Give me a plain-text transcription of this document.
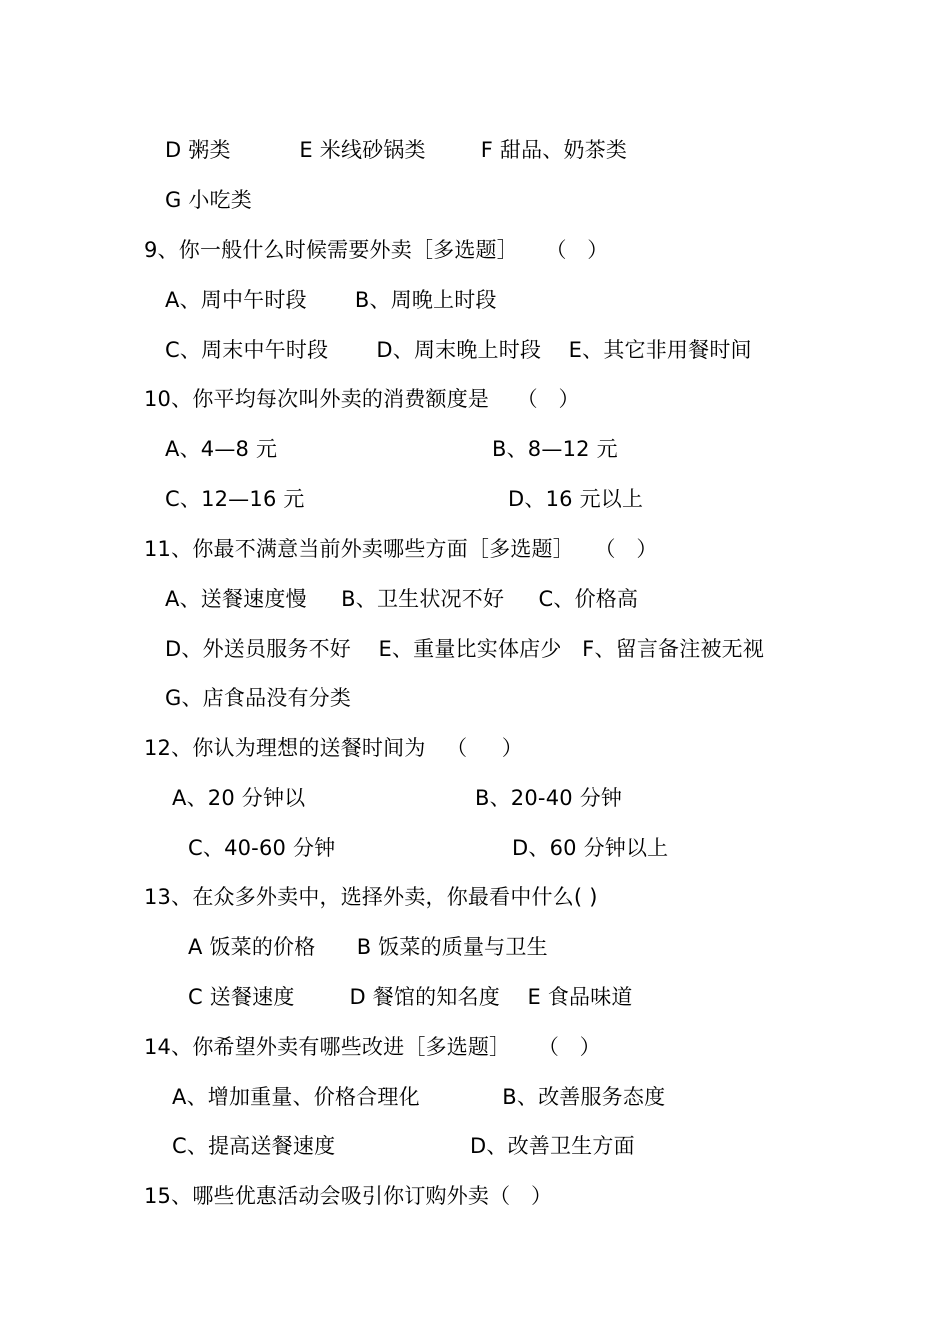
D 粥类          E 米线砂锅类        F 甜品、奶茶类
G 小吃类
9、你一般什么时候需要外卖［多选题］    （   ）
A、周中午时段       B、周晚上时段
C、周末中午时段       D、周末晚上时段    E、其它非用餐时间
10、你平均每次叫外卖的消费额度是    （   ）
A、4—8 元	B、8—12 元
C、12—16 元	D、16 元以上
11、你最不满意当前外卖哪些方面［多选题］   （   ）
A、送餐速度慢     B、卫生状况不好     C、价格高
D、外送员服务不好    E、重量比实体店少   F、留言备注被无视
G、店食品没有分类
12、你认为理想的送餐时间为   （     ）
A、20 分钟以	B、20-40 分钟
C、40-60 分钟	D、60 分钟以上
13、在众多外卖中，选择外卖，你最看中什么( )
A 饭菜的价格      B 饭菜的质量与卫生
C 送餐速度        D 餐馆的知名度    E 食品味道
14、你希望外卖有哪些改进［多选题］    （   ）
A、增加重量、价格合理化            B、改善服务态度
C、提高送餐速度	D、改善卫生方面
15、哪些优惠活动会吸引你订购外卖（   ）
